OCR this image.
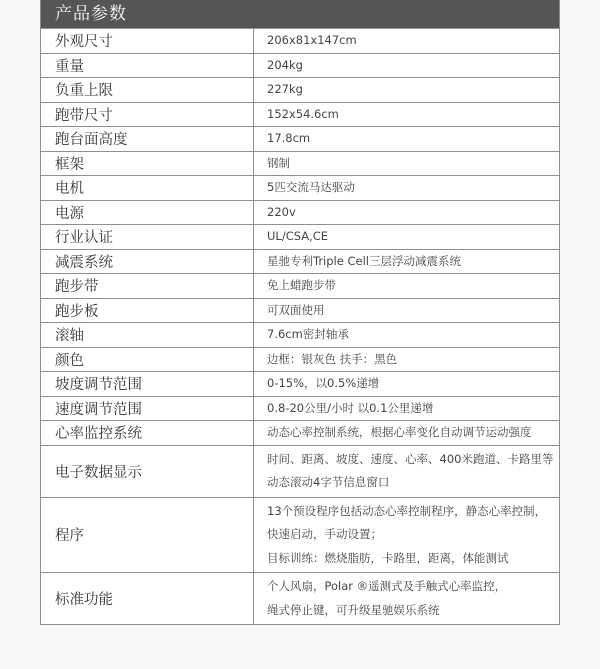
产品参数
外观尺寸	206x81x147cm

重量	204kg

负重上限	227kg

跑带尺寸	152x54.6cm

跑台面高度	17.8cm

框架	钢制

电机	5匹交流马达驱动

电源	220v

行业认证	UL/CSA,CE

减震系统	星驰专利Triple Cell三层浮动减震系统

跑步带	免上蜡跑步带

跑步板	可双面使用

滚轴	7.6cm密封轴承

颜色	边框：银灰色 扶手：黑色

坡度调节范围	0-15%，以0.5%递增

速度调节范围	0.8-20公里/小时 以0.1公里递增

心率监控系统	动态心率控制系统，根据心率变化自动调节运动强度

电子数据显示	时间、距离、坡度、速度、心率、400米跑道、卡路里等
动态滚动4字节信息窗口

程序	13个预设程序包括动态心率控制程序，静态心率控制，
快速启动，手动设置；
目标训练：燃烧脂肪，卡路里，距离，体能测试

标准功能	个人风扇，Polar ®遥测式及手触式心率监控，
绳式停止键，可升级星驰娱乐系统
